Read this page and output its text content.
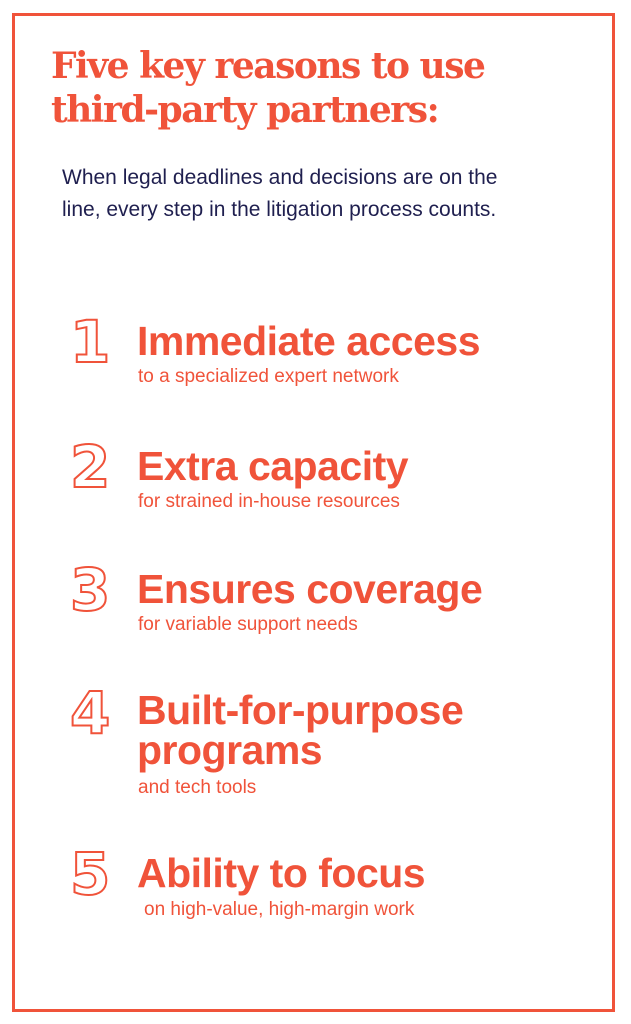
Five key reasons to use
third-party partners:

When legal deadlines and decisions are on the line, every step in the litigation process counts.

1 Immediate access
to a specialized expert network
2 Extra capacity
for strained in-house resources
3 Ensures coverage
for variable support needs
4 Built-for-purpose
programs
and tech tools
5 Ability to focus
on high-value, high-margin work
